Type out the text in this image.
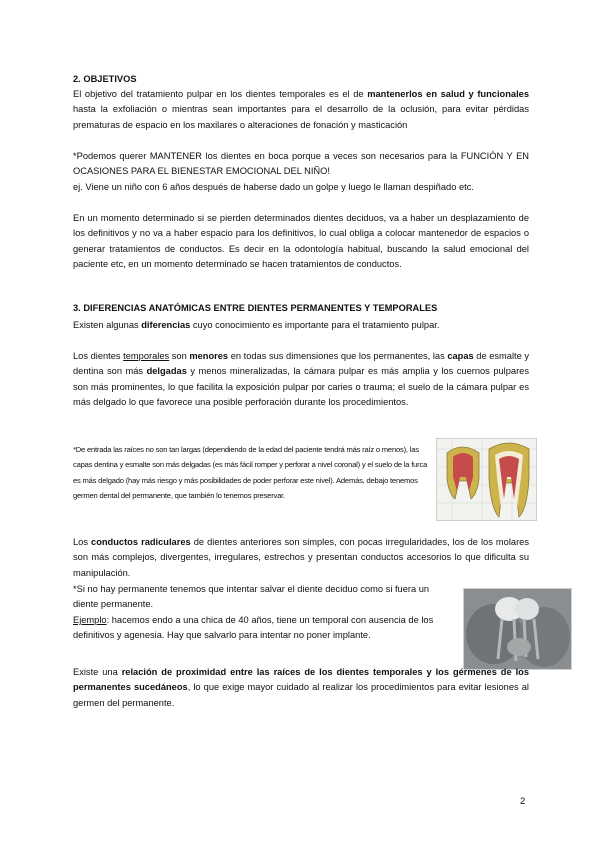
2. OBJETIVOS
El objetivo del tratamiento pulpar en los dientes temporales es el de mantenerlos en salud y funcionales hasta la exfoliación o mientras sean importantes para el desarrollo de la oclusión, para evitar pérdidas prematuras de espacio en los maxilares o alteraciones de fonación y masticación
*Podemos querer MANTENER los dientes en boca porque a veces son necesarios para la FUNCIÓN Y EN OCASIONES PARA EL BIENESTAR EMOCIONAL DEL NIÑO!
ej. Viene un niño con 6 años después de haberse dado un golpe y luego le llaman despiñado etc.
En un momento determinado si se pierden determinados dientes deciduos, va a haber un desplazamiento de los definitivos y no va a haber espacio para los definitivos, lo cual obliga a colocar mantenedor de espacios o generar tratamientos de conductos. Es decir en la odontología habitual, buscando la salud emocional del paciente etc, en un momento determinado se hacen tratamientos de conductos.
3. DIFERENCIAS ANATÓMICAS ENTRE DIENTES PERMANENTES Y TEMPORALES
Existen algunas diferencias cuyo conocimiento es importante para el tratamiento pulpar.
Los dientes temporales son menores en todas sus dimensiones que los permanentes, las capas de esmalte y dentina son más delgadas y menos mineralizadas, la cámara pulpar es más amplia y los cuernos pulpares son más prominentes, lo que facilita la exposición pulpar por caries o trauma; el suelo de la cámara pulpar es más delgado lo que favorece una posible perforación durante los procedimientos.
*De entrada las raíces no son tan largas (dependiendo de la edad del paciente tendrá más raíz o menos), las capas dentina y esmalte son más delgadas (es más fácil romper y perforar a nivel coronal) y el suelo de la furca es más delgado (hay más riesgo y más posibilidades de poder perforar este nivel). Además, debajo tenemos germen dental del permanente, que también lo tenemos preservar.
Los conductos radiculares de dientes anteriores son simples, con pocas irregularidades, los de los molares son más complejos, divergentes, irregulares, estrechos y presentan conductos accesorios lo que dificulta su manipulación.
*Si no hay permanente tenemos que intentar salvar el diente deciduo como si fuera un diente permanente.
Ejemplo: hacemos endo a una chica de 40 años, tiene un temporal con ausencia de los definitivos y agenesia. Hay que salvarlo para intentar no poner implante.
Existe una relación de proximidad entre las raíces de los dientes temporales y los gérmenes de los permanentes sucedáneos, lo que exige mayor cuidado al realizar los procedimientos para evitar lesiones al germen del permanente.
2
